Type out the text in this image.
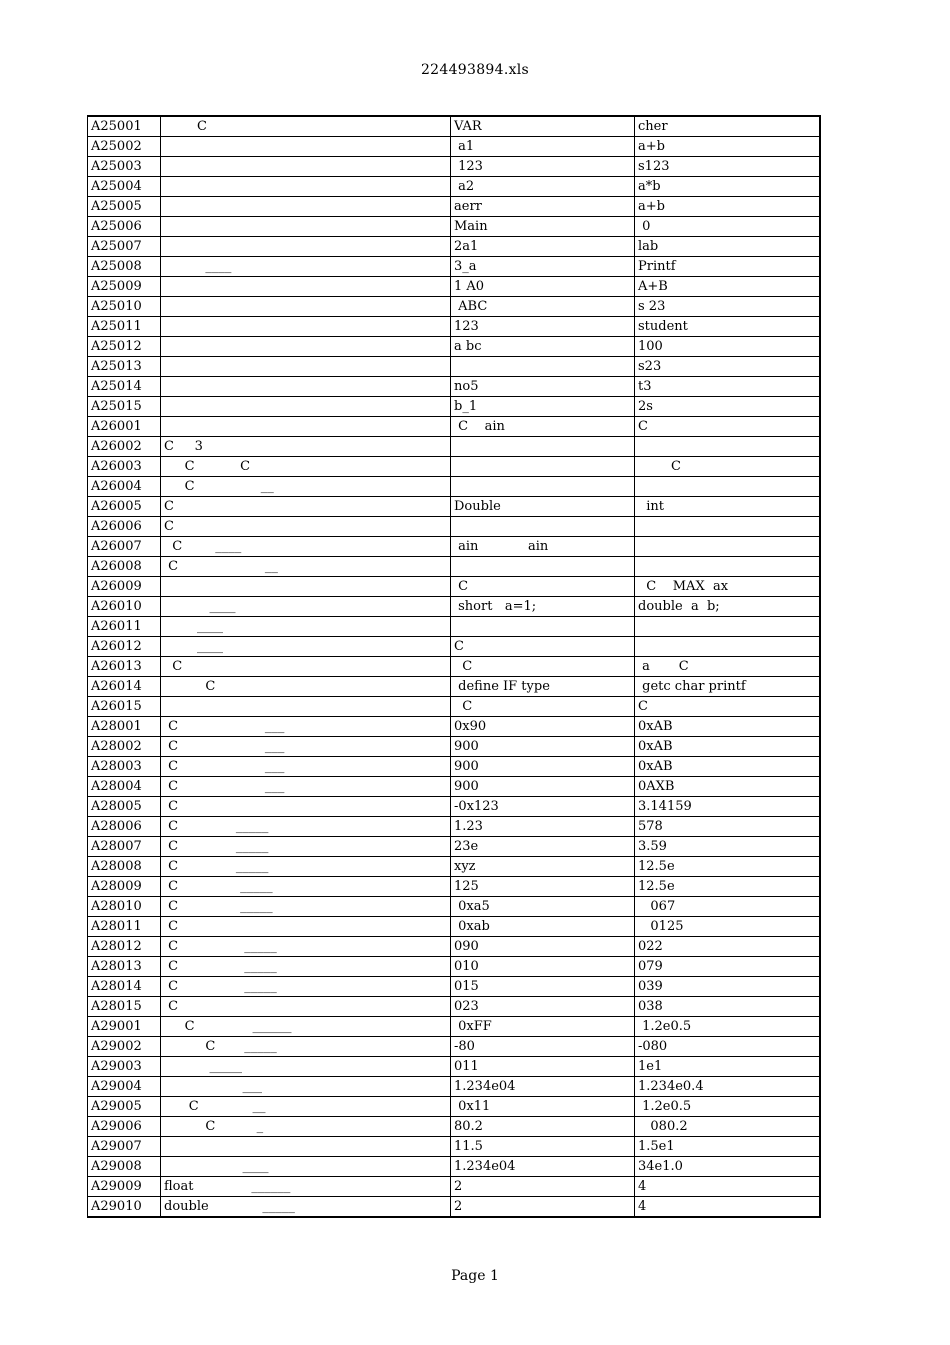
224493894.xls
A25001	C	VAR	cher
A25002		a1	a+b
A25003		123	s123
A25004		a2	a*b
A25005		aerr	a+b
A25006		Main	0
A25007		2a1	lab
A25008	____	3_a	Printf
A25009		1 A0	A+B
A25010		ABC	s 23
A25011		123	student
A25012		a bc	100
A25013			s23
A25014		no5	t3
A25015		b_1	2s
A26001		C    ain	C
A26002	C     3		
A26003	C           C		C
A26004	C                __		
A26005	C	Double	int
A26006	C		
A26007	C        ____	ain            ain	
A26008	C                     __		
A26009		C	C    MAX  ax
A26010	____	short   a=1;	double  a  b;
A26011	____		
A26012	____	C	
A26013	C	C	a       C
A26014	C	define IF type	getc char printf
A26015		C	C
A28001	C                     ___	0x90	0xAB
A28002	C                     ___	900	0xAB
A28003	C                     ___	900	0xAB
A28004	C                     ___	900	0AXB
A28005	C	-0x123	3.14159
A28006	C              _____	1.23	578
A28007	C              _____	23e	3.59
A28008	C              _____	xyz	12.5e
A28009	C               _____	125	12.5e
A28010	C               _____	0xa5	067
A28011	C	0xab	0125
A28012	C                _____	090	022
A28013	C                _____	010	079
A28014	C                _____	015	039
A28015	C	023	038
A29001	C              ______	0xFF	1.2e0.5
A29002	C       _____	-80	-080
A29003	_____	011	1e1
A29004	___	1.234e04	1.234e0.4
A29005	C             __	0x11	1.2e0.5
A29006	C          _	80.2	080.2
A29007		11.5	1.5e1
A29008	____	1.234e04	34e1.0
A29009	float              ______	2	4
A29010	double             _____	2	4
Page 1
